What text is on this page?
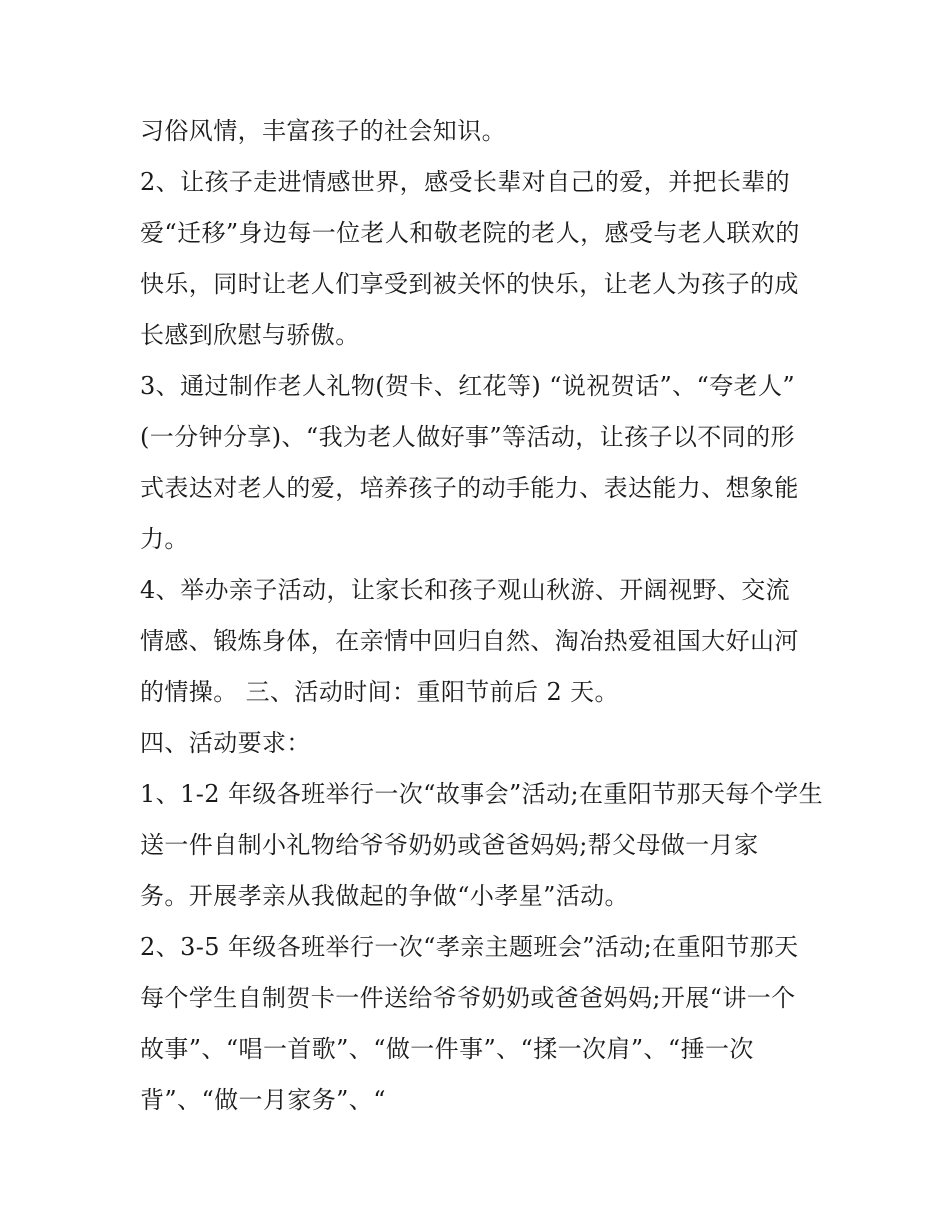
习俗风情，丰富孩子的社会知识。
2、让孩子走进情感世界，感受长辈对自己的爱，并把长辈的
爱“迁移”身边每一位老人和敬老院的老人，感受与老人联欢的
快乐，同时让老人们享受到被关怀的快乐，让老人为孩子的成
长感到欣慰与骄傲。
3、通过制作老人礼物(贺卡、红花等) “说祝贺话”、“夸老人”
(一分钟分享)、“我为老人做好事”等活动，让孩子以不同的形
式表达对老人的爱，培养孩子的动手能力、表达能力、想象能
力。
4、举办亲子活动，让家长和孩子观山秋游、开阔视野、交流
情感、锻炼身体，在亲情中回归自然、淘冶热爱祖国大好山河
的情操。 三、活动时间：重阳节前后 2 天。
四、活动要求：
1、1-2 年级各班举行一次“故事会”活动;在重阳节那天每个学生
送一件自制小礼物给爷爷奶奶或爸爸妈妈;帮父母做一月家
务。开展孝亲从我做起的争做“小孝星”活动。
2、3-5 年级各班举行一次“孝亲主题班会”活动;在重阳节那天
每个学生自制贺卡一件送给爷爷奶奶或爸爸妈妈;开展“讲一个
故事”、“唱一首歌”、“做一件事”、“揉一次肩”、“捶一次
背”、“做一月家务”、“
